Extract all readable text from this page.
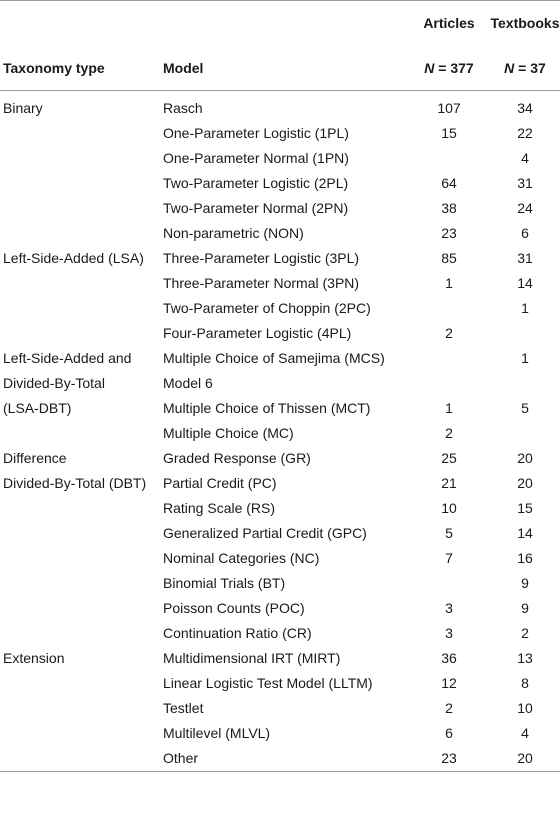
		Articles	Textbooks
Taxonomy type	Model	N = 377	N = 37
Binary	Rasch	107	34
	One-Parameter Logistic (1PL)	15	22
	One-Parameter Normal (1PN)		4
	Two-Parameter Logistic (2PL)	64	31
	Two-Parameter Normal (2PN)	38	24
	Non-parametric (NON)	23	6
Left-Side-Added (LSA)	Three-Parameter Logistic (3PL)	85	31
	Three-Parameter Normal (3PN)	1	14
	Two-Parameter of Choppin (2PC)		1
	Four-Parameter Logistic (4PL)	2	
Left-Side-Added and	Multiple Choice of Samejima (MCS)		1
Divided-By-Total	Model 6		
(LSA-DBT)	Multiple Choice of Thissen (MCT)	1	5
	Multiple Choice (MC)	2	
Difference	Graded Response (GR)	25	20
Divided-By-Total (DBT)	Partial Credit (PC)	21	20
	Rating Scale (RS)	10	15
	Generalized Partial Credit (GPC)	5	14
	Nominal Categories (NC)	7	16
	Binomial Trials (BT)		9
	Poisson Counts (POC)	3	9
	Continuation Ratio (CR)	3	2
Extension	Multidimensional IRT (MIRT)	36	13
	Linear Logistic Test Model (LLTM)	12	8
	Testlet	2	10
	Multilevel (MLVL)	6	4
	Other	23	20
